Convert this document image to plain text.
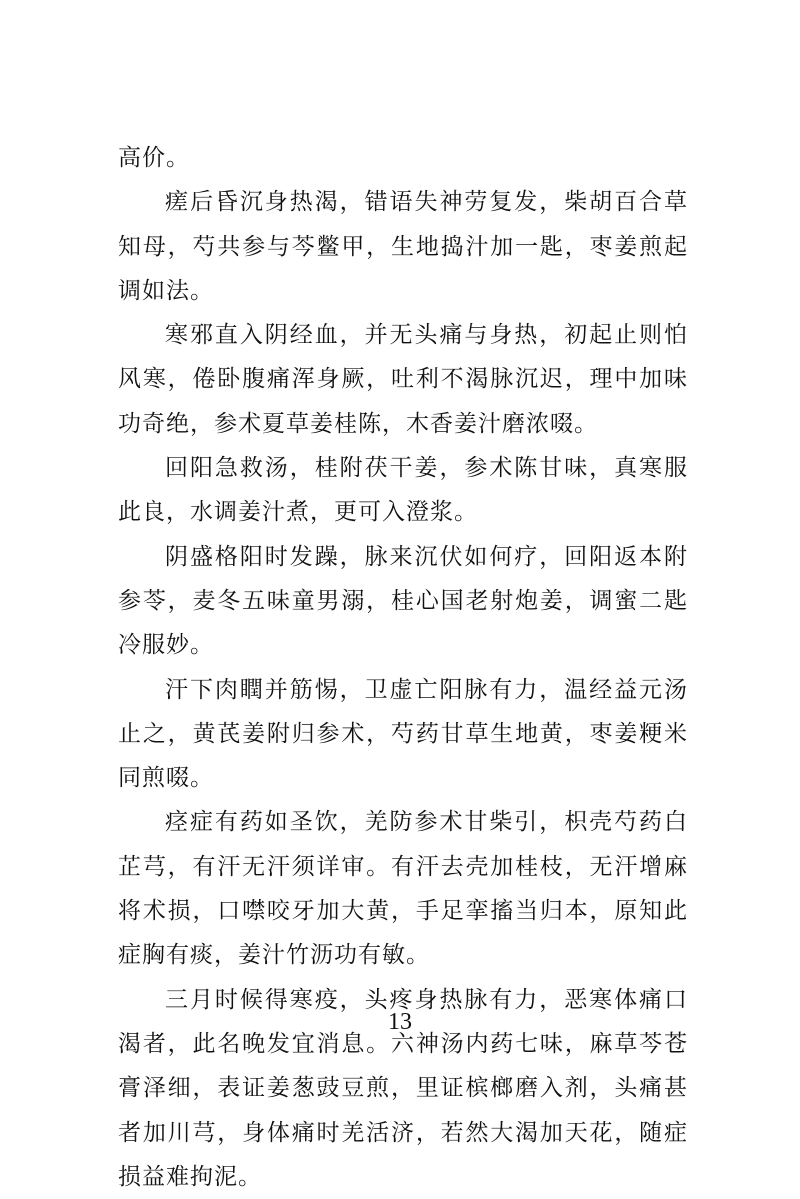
高价。

瘥后昏沉身热渴，错语失神劳复发，柴胡百合草知母，芍共参与芩鳖甲，生地捣汁加一匙，枣姜煎起调如法。

寒邪直入阴经血，并无头痛与身热，初起止则怕风寒，倦卧腹痛浑身厥，吐利不渴脉沉迟，理中加味功奇绝，参术夏草姜桂陈，木香姜汁磨浓啜。

回阳急救汤，桂附茯干姜，参术陈甘味，真寒服此良，水调姜汁煮，更可入澄浆。

阴盛格阳时发躁，脉来沉伏如何疗，回阳返本附参苓，麦冬五味童男溺，桂心国老射炮姜，调蜜二匙冷服妙。

汗下肉瞤并筋惕，卫虚亡阳脉有力，温经益元汤止之，黄芪姜附归参术，芍药甘草生地黄，枣姜粳米同煎啜。

痉症有药如圣饮，羌防参术甘柴引，枳壳芍药白芷芎，有汗无汗须详审。有汗去壳加桂枝，无汗增麻将术损，口噤咬牙加大黄，手足挛搐当归本，原知此症胸有痰，姜汁竹沥功有敏。

三月时候得寒疫，头疼身热脉有力，恶寒体痛口渴者，此名晚发宜消息。六神汤内药七味，麻草芩苍膏泽细，表证姜葱豉豆煎，里证槟榔磨入剂，头痛甚者加川芎，身体痛时羌活济，若然大渴加天花，随症损益难拘泥。

13
